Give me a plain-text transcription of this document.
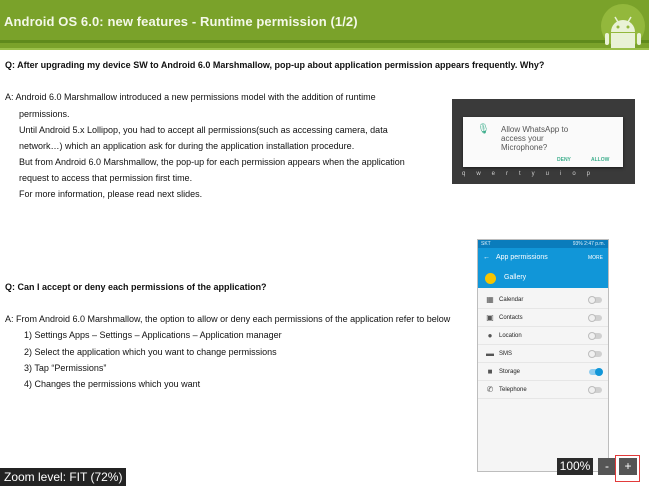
Android OS 6.0: new features - Runtime permission (1/2)
Q: After upgrading my device SW to Android 6.0 Marshmallow, pop-up about application permission appears frequently. Why?
A: Android 6.0 Marshmallow introduced a new permissions model with the addition of runtime
permissions.
Until Android 5.x Lollipop, you had to accept all permissions(such as accessing camera, data
network…) which an application ask for during the application installation procedure.
But from Android 6.0 Marshmallow, the pop-up for each permission appears when the application
request to access that permission first time.
For more information, please read next slides.
🎙 Allow WhatsApp to
access your
Microphone?
DENY	ALLOW
qwertyuiop
Q: Can I accept or deny each permissions of the application?
A: From Android 6.0 Marshmallow, the option to allow or deny each permissions of the application refer to below
1) Settings Apps – Settings – Applications – Application manager
2) Select the application which you want to change permissions
3) Tap “Permissions”
4) Changes the permissions which you want
SKT	93% 2:47 p.m.
← App permissions	MORE
Gallery
▦ Calendar
▣ Contacts
●	Location
▬ SMS
■	Storage
✆ Telephone
Zoom level: FIT (72%)
100%	-	+
